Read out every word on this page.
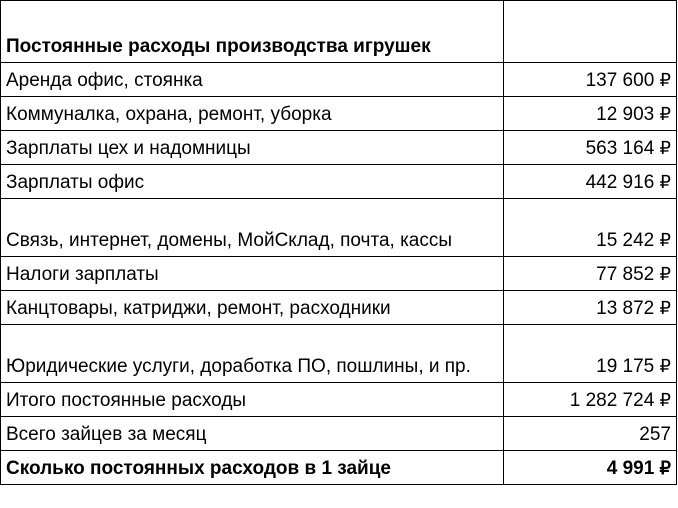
Постоянные расходы производства игрушек	
Аренда офис, стоянка	137 600 ₽
Коммуналка, охрана, ремонт, уборка	12 903 ₽
Зарплаты цех и надомницы	563 164 ₽
Зарплаты офис	442 916 ₽
Связь, интернет, домены, МойСклад, почта, кассы	15 242 ₽
Налоги зарплаты	77 852 ₽
Канцтовары, катриджи, ремонт, расходники	13 872 ₽
Юридические услуги, доработка ПО, пошлины, и пр.	19 175 ₽
Итого постоянные расходы	1 282 724 ₽
Всего зайцев за месяц	257
Сколько постоянных расходов в 1 зайце	4 991 ₽
